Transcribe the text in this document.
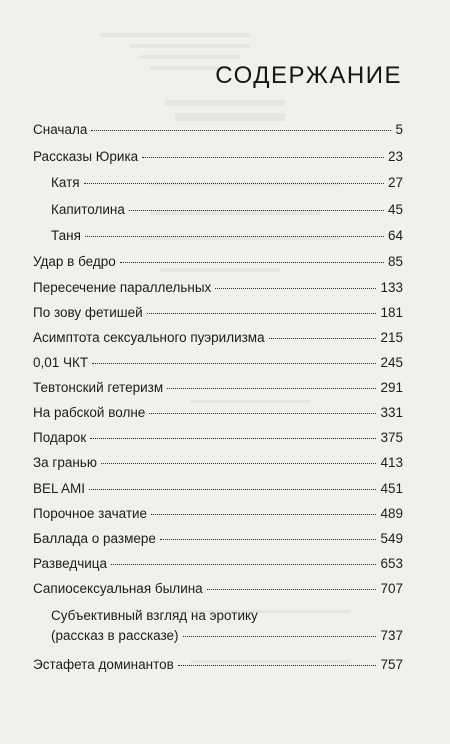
СОДЕРЖАНИЕ
Сначала	5
Рассказы Юрика	23
Катя	27
Капитолина	45
Таня	64
Удар в бедро	85
Пересечение параллельных	133
По зову фетишей	181
Асимптота сексуального пуэрилизма	215
0,01 ЧКТ	245
Тевтонский гетеризм	291
На рабской волне	331
Подарок	375
За гранью	413
BEL AMI	451
Порочное зачатие	489
Баллада о размере	549
Разведчица	653
Сапиосексуальная былина	707
Субъективный взгляд на эротику
(рассказ в рассказе)	737
Эстафета доминантов	757
